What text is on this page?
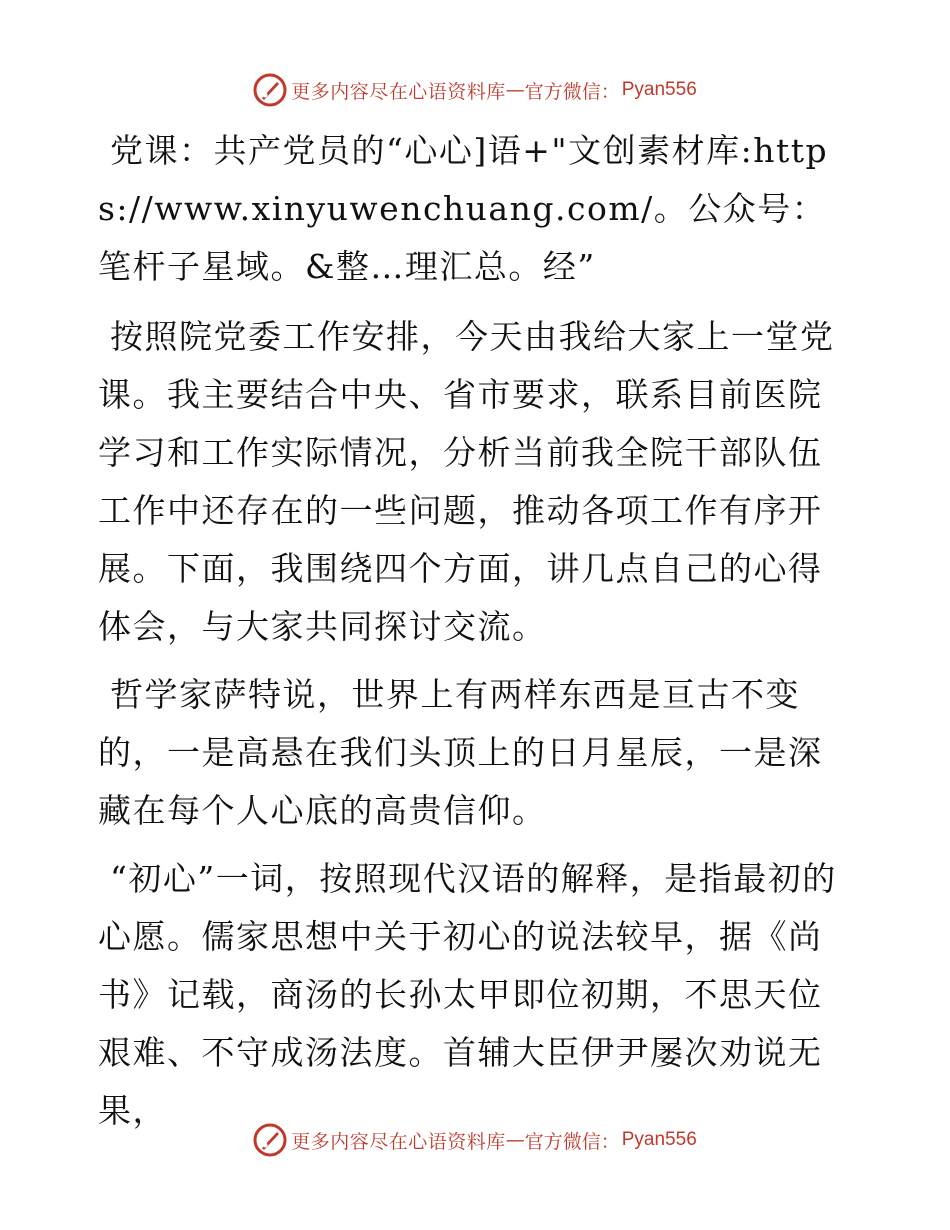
更多内容尽在心语资料库 — 官方微信： Pyan556

党课：共产党员的“心心]语+"文创素材库:https://www.xinyuwenchuang.com/。公众号：笔杆子星域。&整…理汇总。经”

按照院党委工作安排，今天由我给大家上一堂党课。我主要结合中央、省市要求，联系目前医院学习和工作实际情况，分析当前我全院干部队伍工作中还存在的一些问题，推动各项工作有序开展。下面，我围绕四个方面，讲几点自己的心得体会，与大家共同探讨交流。

哲学家萨特说，世界上有两样东西是亘古不变的，一是高悬在我们头顶上的日月星辰，一是深藏在每个人心底的高贵信仰。

“初心”一词，按照现代汉语的解释，是指最初的心愿。儒家思想中关于初心的说法较早，据《尚书》记载，商汤的长孙太甲即位初期，不思天位艰难、不守成汤法度。首辅大臣伊尹屡次劝说无果，

更多内容尽在心语资料库 — 官方微信： Pyan556
